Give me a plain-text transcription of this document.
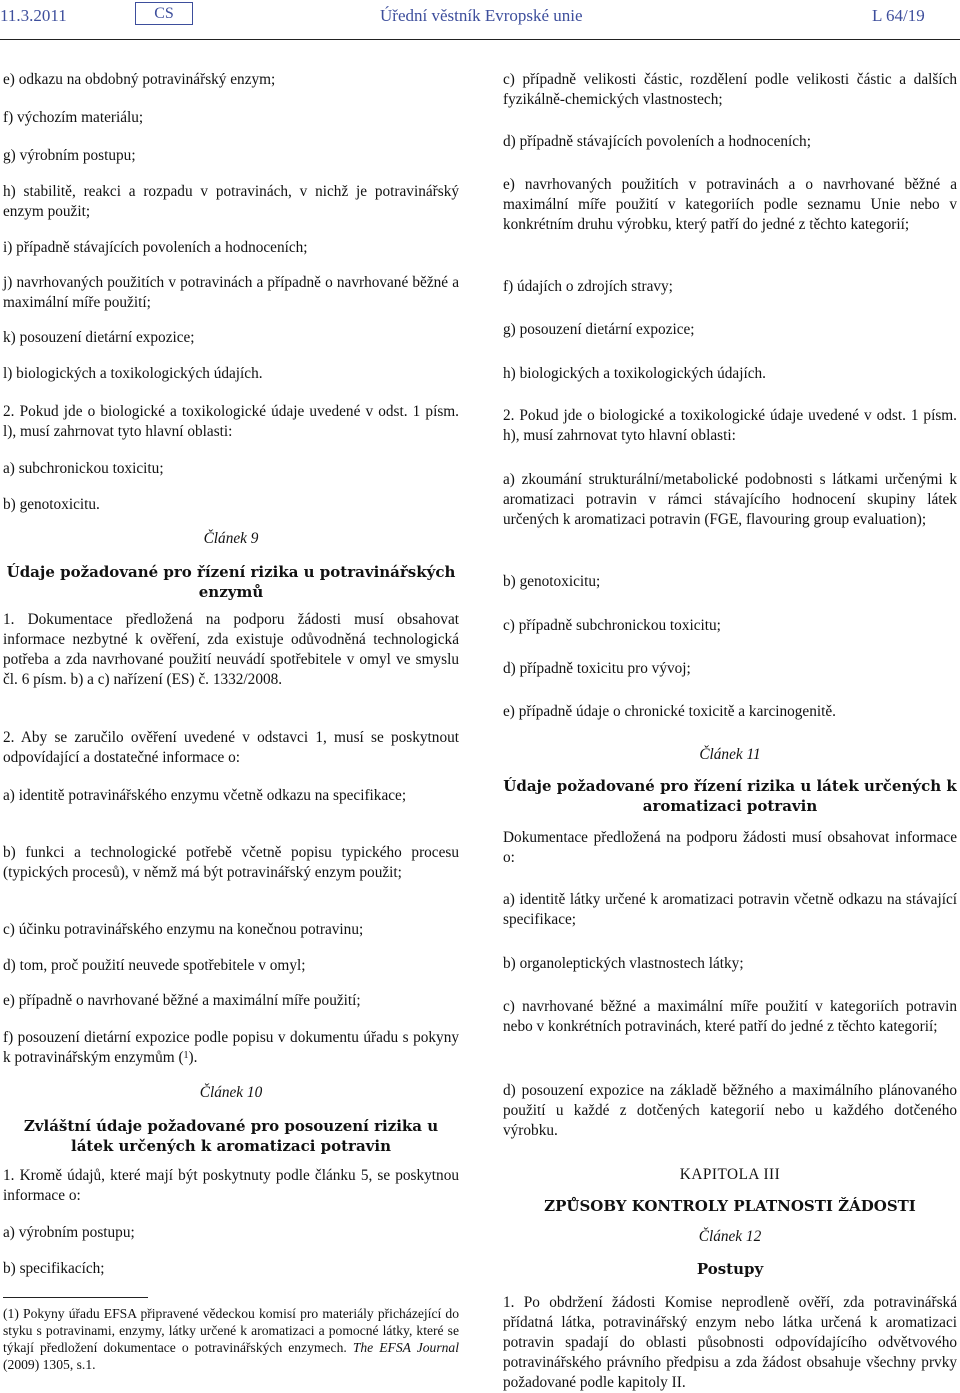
11.3.2011	CS	Úřední věstník Evropské unie	L 64/19

e) odkazu na obdobný potravinářský enzym;

f) výchozím materiálu;

g) výrobním postupu;

h) stabilitě, reakci a rozpadu v potravinách, v nichž je potravinářský enzym použit;

i) případně stávajících povoleních a hodnoceních;

j) navrhovaných použitích v potravinách a případně o navrhované běžné a maximální míře použití;

k) posouzení dietární expozice;

l) biologických a toxikologických údajích.

2. Pokud jde o biologické a toxikologické údaje uvedené v odst. 1 písm. l), musí zahrnovat tyto hlavní oblasti:

a) subchronickou toxicitu;

b) genotoxicitu.

Článek 9

Údaje požadované pro řízení rizika u potravinářských enzymů

1. Dokumentace předložená na podporu žádosti musí obsahovat informace nezbytné k ověření, zda existuje odůvodněná technologická potřeba a zda navrhované použití neuvádí spotřebitele v omyl ve smyslu čl. 6 písm. b) a c) nařízení (ES) č. 1332/2008.

2. Aby se zaručilo ověření uvedené v odstavci 1, musí se poskytnout odpovídající a dostatečné informace o:

a) identitě potravinářského enzymu včetně odkazu na specifikace;

b) funkci a technologické potřebě včetně popisu typického procesu (typických procesů), v němž má být potravinářský enzym použit;

c) účinku potravinářského enzymu na konečnou potravinu;

d) tom, proč použití neuvede spotřebitele v omyl;

e) případně o navrhované běžné a maximální míře použití;

f) posouzení dietární expozice podle popisu v dokumentu úřadu s pokyny k potravinářským enzymům ($^1$).

Článek 10

Zvláštní údaje požadované pro posouzení rizika u látek určených k aromatizaci potravin

1. Kromě údajů, které mají být poskytnuty podle článku 5, se poskytnou informace o:

a) výrobním postupu;

b) specifikacích;

(1) Pokyny úřadu EFSA připravené vědeckou komisí pro materiály přicházející do styku s potravinami, enzymy, látky určené k aromatizaci a pomocné látky, které se týkají předložení dokumentace o potravinářských enzymech. The EFSA Journal (2009) 1305, s.1.

c) případně velikosti částic, rozdělení podle velikosti částic a dalších fyzikálně-chemických vlastnostech;

d) případně stávajících povoleních a hodnoceních;

e) navrhovaných použitích v potravinách a o navrhované běžné a maximální míře použití v kategoriích podle seznamu Unie nebo v konkrétním druhu výrobku, který patří do jedné z těchto kategorií;

f) údajích o zdrojích stravy;

g) posouzení dietární expozice;

h) biologických a toxikologických údajích.

2. Pokud jde o biologické a toxikologické údaje uvedené v odst. 1 písm. h), musí zahrnovat tyto hlavní oblasti:

a) zkoumání strukturální/metabolické podobnosti s látkami určenými k aromatizaci potravin v rámci stávajícího hodnocení skupiny látek určených k aromatizaci potravin (FGE, flavouring group evaluation);

b) genotoxicitu;

c) případně subchronickou toxicitu;

d) případně toxicitu pro vývoj;

e) případně údaje o chronické toxicitě a karcinogenitě.

Článek 11

Údaje požadované pro řízení rizika u látek určených k aromatizaci potravin

Dokumentace předložená na podporu žádosti musí obsahovat informace o:

a) identitě látky určené k aromatizaci potravin včetně odkazu na stávající specifikace;

b) organoleptických vlastnostech látky;

c) navrhované běžné a maximální míře použití v kategoriích potravin nebo v konkrétních potravinách, které patří do jedné z těchto kategorií;

d) posouzení expozice na základě běžného a maximálního plánovaného použití u každé z dotčených kategorií nebo u každého dotčeného výrobku.

KAPITOLA III

ZPŮSOBY KONTROLY PLATNOSTI ŽÁDOSTI

Článek 12

Postupy

1. Po obdržení žádosti Komise neprodleně ověří, zda potravinářská přídatná látka, potravinářský enzym nebo látka určená k aromatizaci potravin spadají do oblasti působnosti odpovídajícího odvětvového potravinářského právního předpisu a zda žádost obsahuje všechny prvky požadované podle kapitoly II.
